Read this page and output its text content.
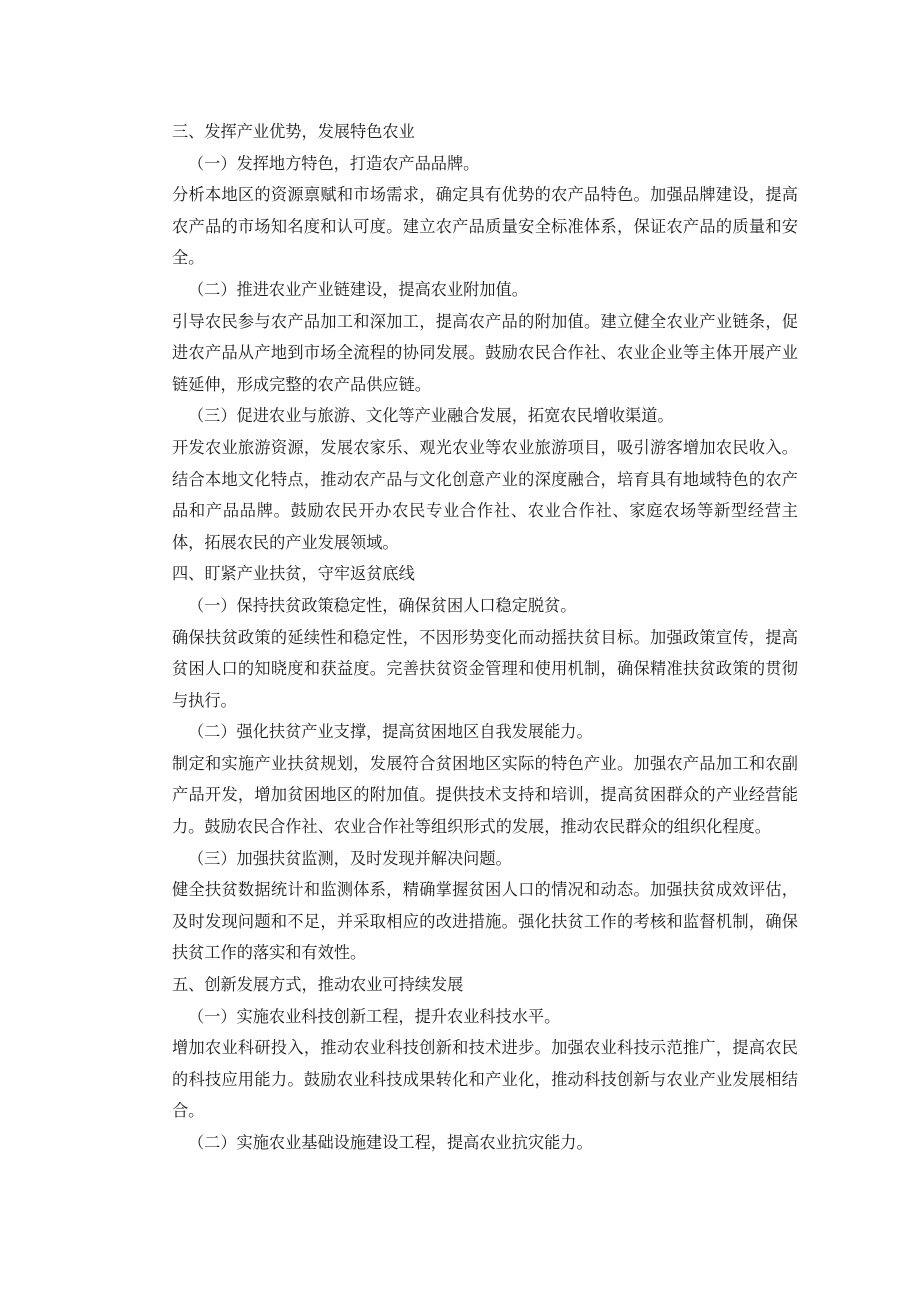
三、发挥产业优势，发展特色农业

（一）发挥地方特色，打造农产品品牌。

分析本地区的资源禀赋和市场需求，确定具有优势的农产品特色。加强品牌建设，提高农产品的市场知名度和认可度。建立农产品质量安全标准体系，保证农产品的质量和安全。

（二）推进农业产业链建设，提高农业附加值。

引导农民参与农产品加工和深加工，提高农产品的附加值。建立健全农业产业链条，促进农产品从产地到市场全流程的协同发展。鼓励农民合作社、农业企业等主体开展产业链延伸，形成完整的农产品供应链。

（三）促进农业与旅游、文化等产业融合发展，拓宽农民增收渠道。

开发农业旅游资源，发展农家乐、观光农业等农业旅游项目，吸引游客增加农民收入。结合本地文化特点，推动农产品与文化创意产业的深度融合，培育具有地域特色的农产品和产品品牌。鼓励农民开办农民专业合作社、农业合作社、家庭农场等新型经营主体，拓展农民的产业发展领域。

四、盯紧产业扶贫，守牢返贫底线

（一）保持扶贫政策稳定性，确保贫困人口稳定脱贫。

确保扶贫政策的延续性和稳定性，不因形势变化而动摇扶贫目标。加强政策宣传，提高贫困人口的知晓度和获益度。完善扶贫资金管理和使用机制，确保精准扶贫政策的贯彻与执行。

（二）强化扶贫产业支撑，提高贫困地区自我发展能力。

制定和实施产业扶贫规划，发展符合贫困地区实际的特色产业。加强农产品加工和农副产品开发，增加贫困地区的附加值。提供技术支持和培训，提高贫困群众的产业经营能力。鼓励农民合作社、农业合作社等组织形式的发展，推动农民群众的组织化程度。

（三）加强扶贫监测，及时发现并解决问题。

健全扶贫数据统计和监测体系，精确掌握贫困人口的情况和动态。加强扶贫成效评估，及时发现问题和不足，并采取相应的改进措施。强化扶贫工作的考核和监督机制，确保扶贫工作的落实和有效性。

五、创新发展方式，推动农业可持续发展

（一）实施农业科技创新工程，提升农业科技水平。

增加农业科研投入，推动农业科技创新和技术进步。加强农业科技示范推广，提高农民的科技应用能力。鼓励农业科技成果转化和产业化，推动科技创新与农业产业发展相结合。

（二）实施农业基础设施建设工程，提高农业抗灾能力。
